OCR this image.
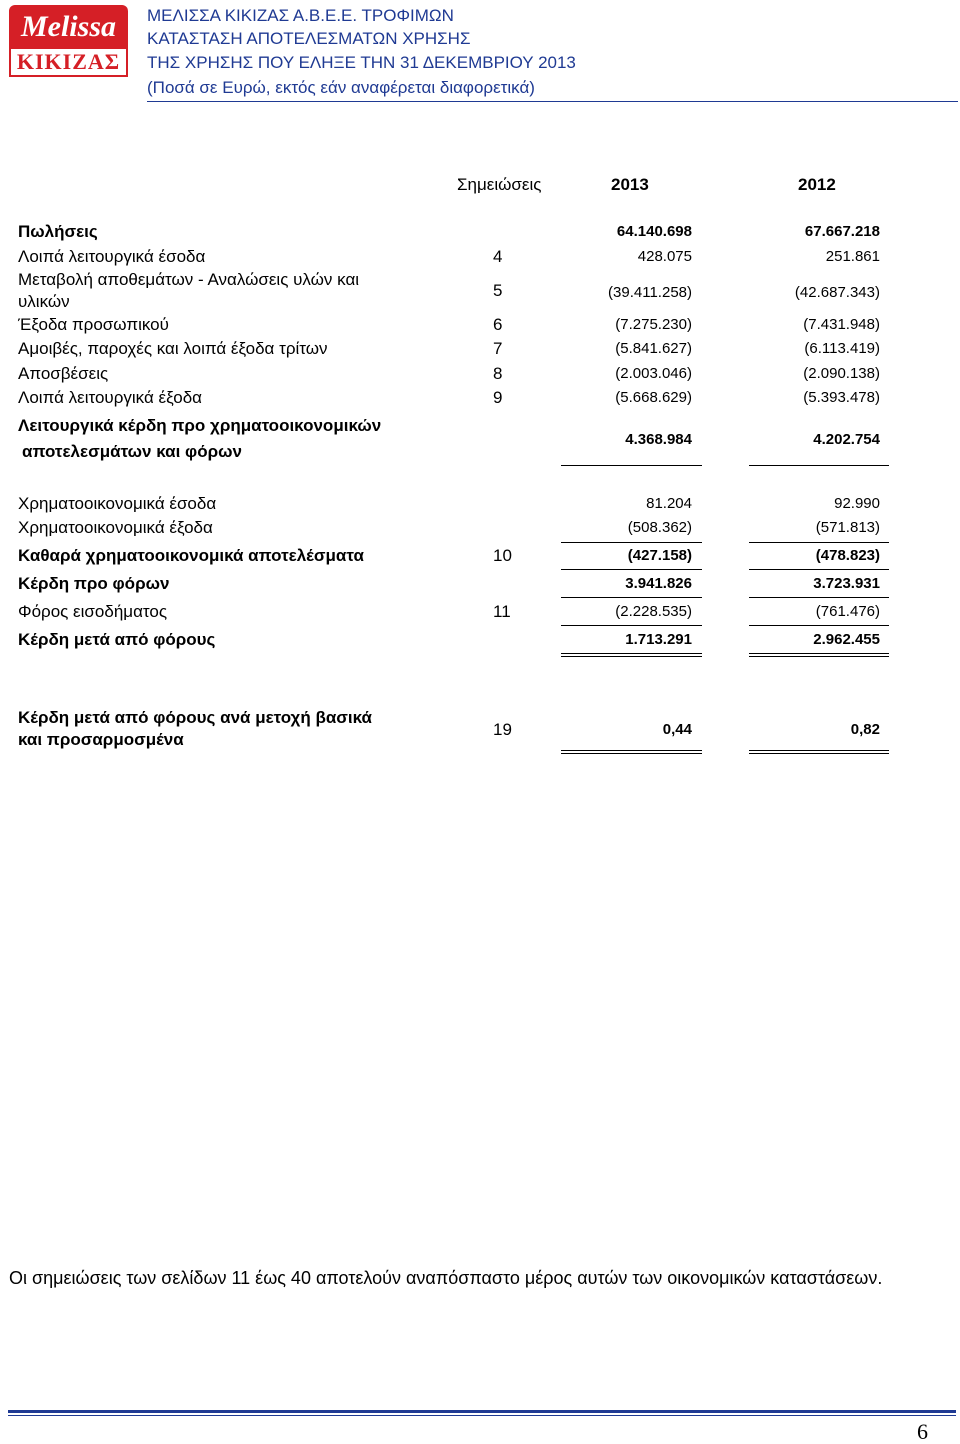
Melissa
ΚΙΚΙΖΑΣ
ΜΕΛΙΣΣΑ ΚΙΚΙΖΑΣ Α.Β.Ε.Ε. ΤΡΟΦΙΜΩΝ
ΚΑΤΑΣΤΑΣΗ ΑΠΟΤΕΛΕΣΜΑΤΩΝ ΧΡΗΣΗΣ
ΤΗΣ ΧΡΗΣΗΣ ΠΟΥ ΕΛΗΞΕ ΤΗΝ 31 ΔΕΚΕΜΒΡΙΟΥ 2013
(Ποσά σε Ευρώ, εκτός εάν αναφέρεται διαφορετικά)
Σημειώσεις	2013	2012
Πωλήσεις	64.140.698	67.667.218
Λοιπά λειτουργικά έσοδα	4	428.075	251.861
Μεταβολή αποθεμάτων - Αναλώσεις υλών και
υλικών
5	(39.411.258)	(42.687.343)
Έξοδα προσωπικού	6	(7.275.230)	(7.431.948)
Αμοιβές, παροχές και λοιπά έξοδα τρίτων	7	(5.841.627)	(6.113.419)
Αποσβέσεις	8	(2.003.046)	(2.090.138)
Λοιπά λειτουργικά έξοδα	9	(5.668.629)	(5.393.478)
Λειτουργικά κέρδη προ χρηματοοικονομικών
αποτελεσμάτων και φόρων
4.368.984	4.202.754
Χρηματοοικονομικά έσοδα	81.204	92.990
Χρηματοοικονομικά έξοδα	(508.362)	(571.813)
Καθαρά χρηματοοικονομικά αποτελέσματα	10	(427.158)	(478.823)
Κέρδη προ φόρων	3.941.826	3.723.931
Φόρος εισοδήματος	11	(2.228.535)	(761.476)
Κέρδη μετά από φόρους	1.713.291	2.962.455
Κέρδη μετά από φόρους ανά μετοχή βασικά
και προσαρμοσμένα
19	0,44	0,82
Οι σημειώσεις των σελίδων 11 έως 40 αποτελούν αναπόσπαστο μέρος αυτών των οικονομικών καταστάσεων.
6
